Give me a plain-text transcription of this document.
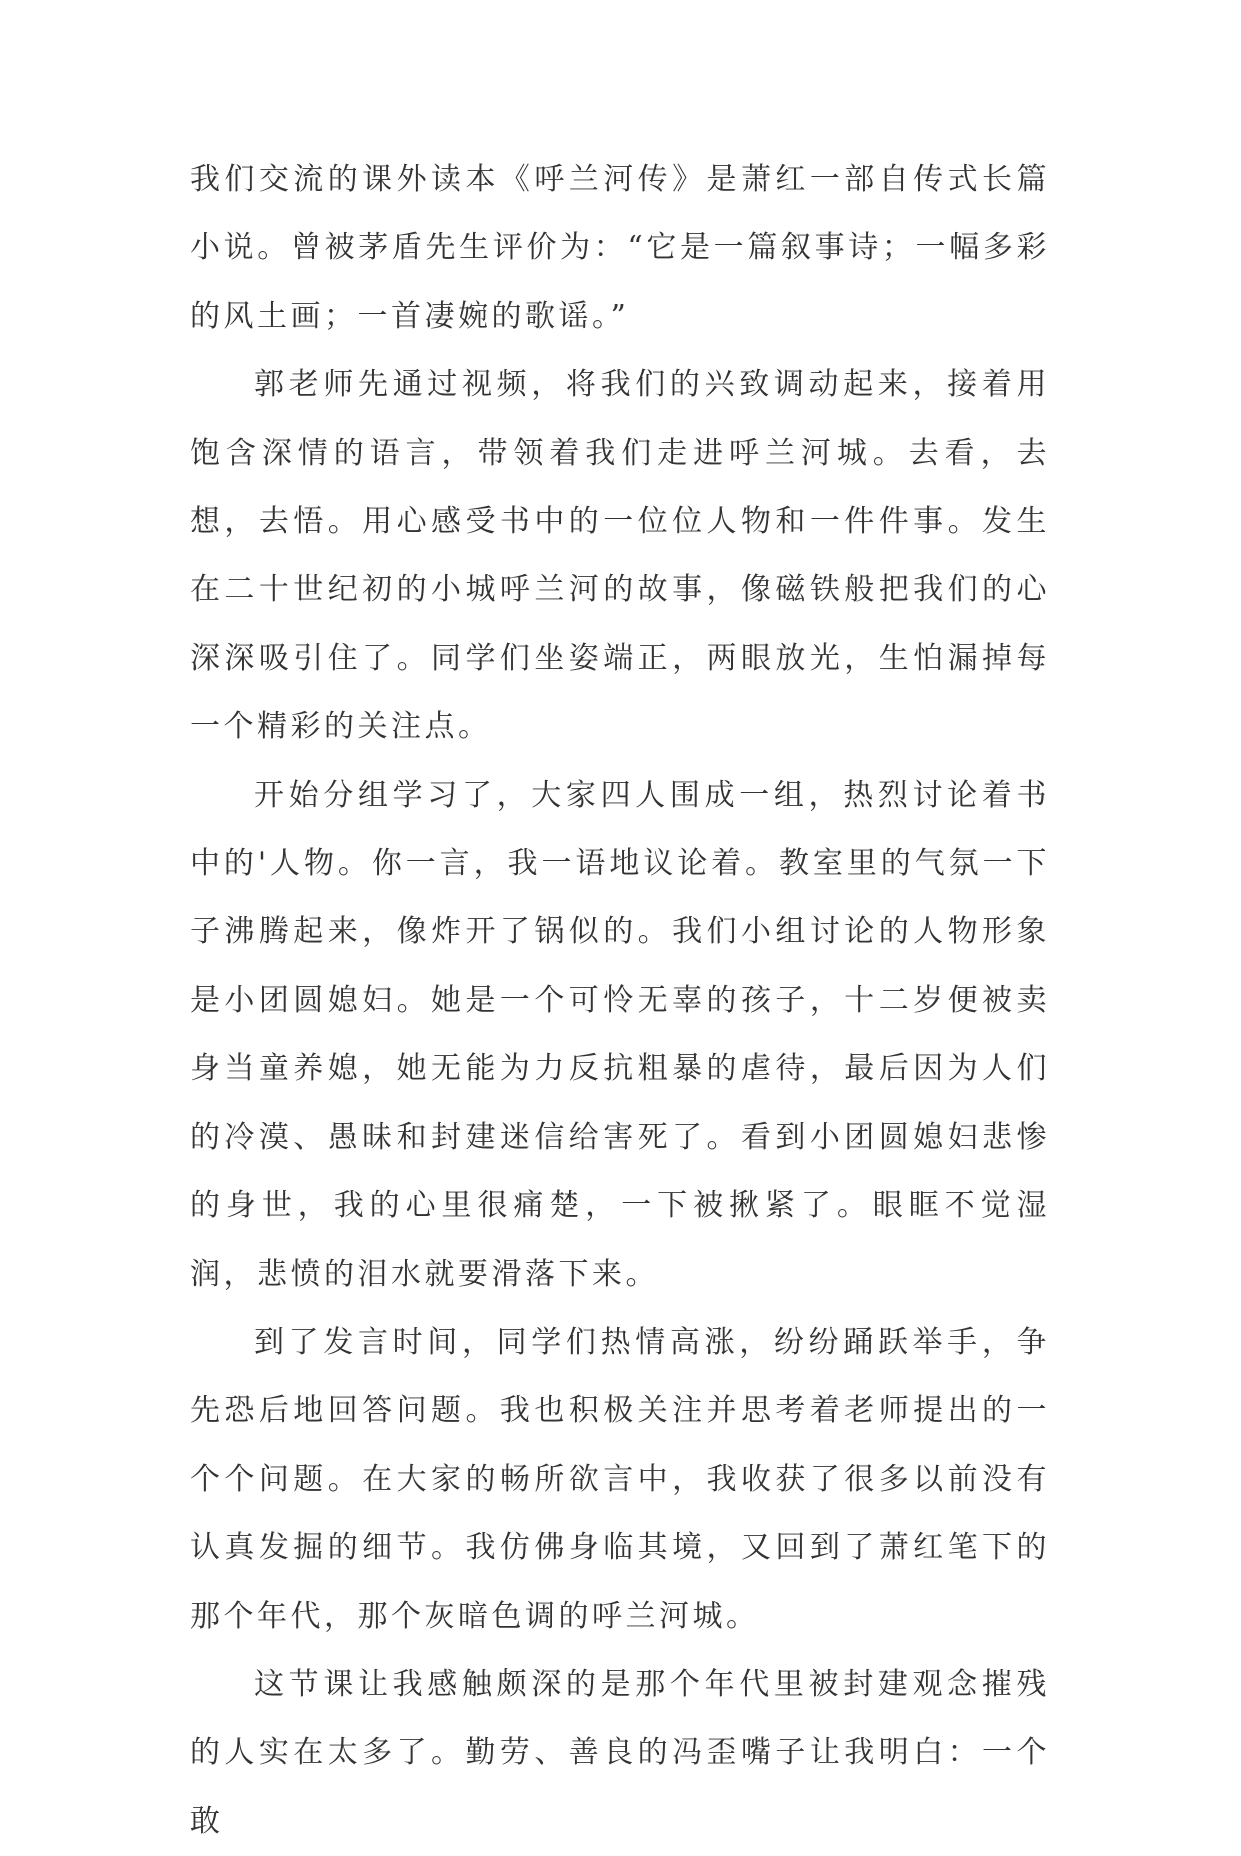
我们交流的课外读本《呼兰河传》是萧红一部自传式长篇小说。曾被茅盾先生评价为：“它是一篇叙事诗；一幅多彩的风土画；一首凄婉的歌谣。”

郭老师先通过视频，将我们的兴致调动起来，接着用饱含深情的语言，带领着我们走进呼兰河城。去看，去想，去悟。用心感受书中的一位位人物和一件件事。发生在二十世纪初的小城呼兰河的故事，像磁铁般把我们的心深深吸引住了。同学们坐姿端正，两眼放光，生怕漏掉每一个精彩的关注点。

开始分组学习了，大家四人围成一组，热烈讨论着书中的'人物。你一言，我一语地议论着。教室里的气氛一下子沸腾起来，像炸开了锅似的。我们小组讨论的人物形象是小团圆媳妇。她是一个可怜无辜的孩子，十二岁便被卖身当童养媳，她无能为力反抗粗暴的虐待，最后因为人们的冷漠、愚昧和封建迷信给害死了。看到小团圆媳妇悲惨的身世，我的心里很痛楚，一下被揪紧了。眼眶不觉湿润，悲愤的泪水就要滑落下来。

到了发言时间，同学们热情高涨，纷纷踊跃举手，争先恐后地回答问题。我也积极关注并思考着老师提出的一个个问题。在大家的畅所欲言中，我收获了很多以前没有认真发掘的细节。我仿佛身临其境，又回到了萧红笔下的那个年代，那个灰暗色调的呼兰河城。

这节课让我感触颇深的是那个年代里被封建观念摧残的人实在太多了。勤劳、善良的冯歪嘴子让我明白：一个敢
